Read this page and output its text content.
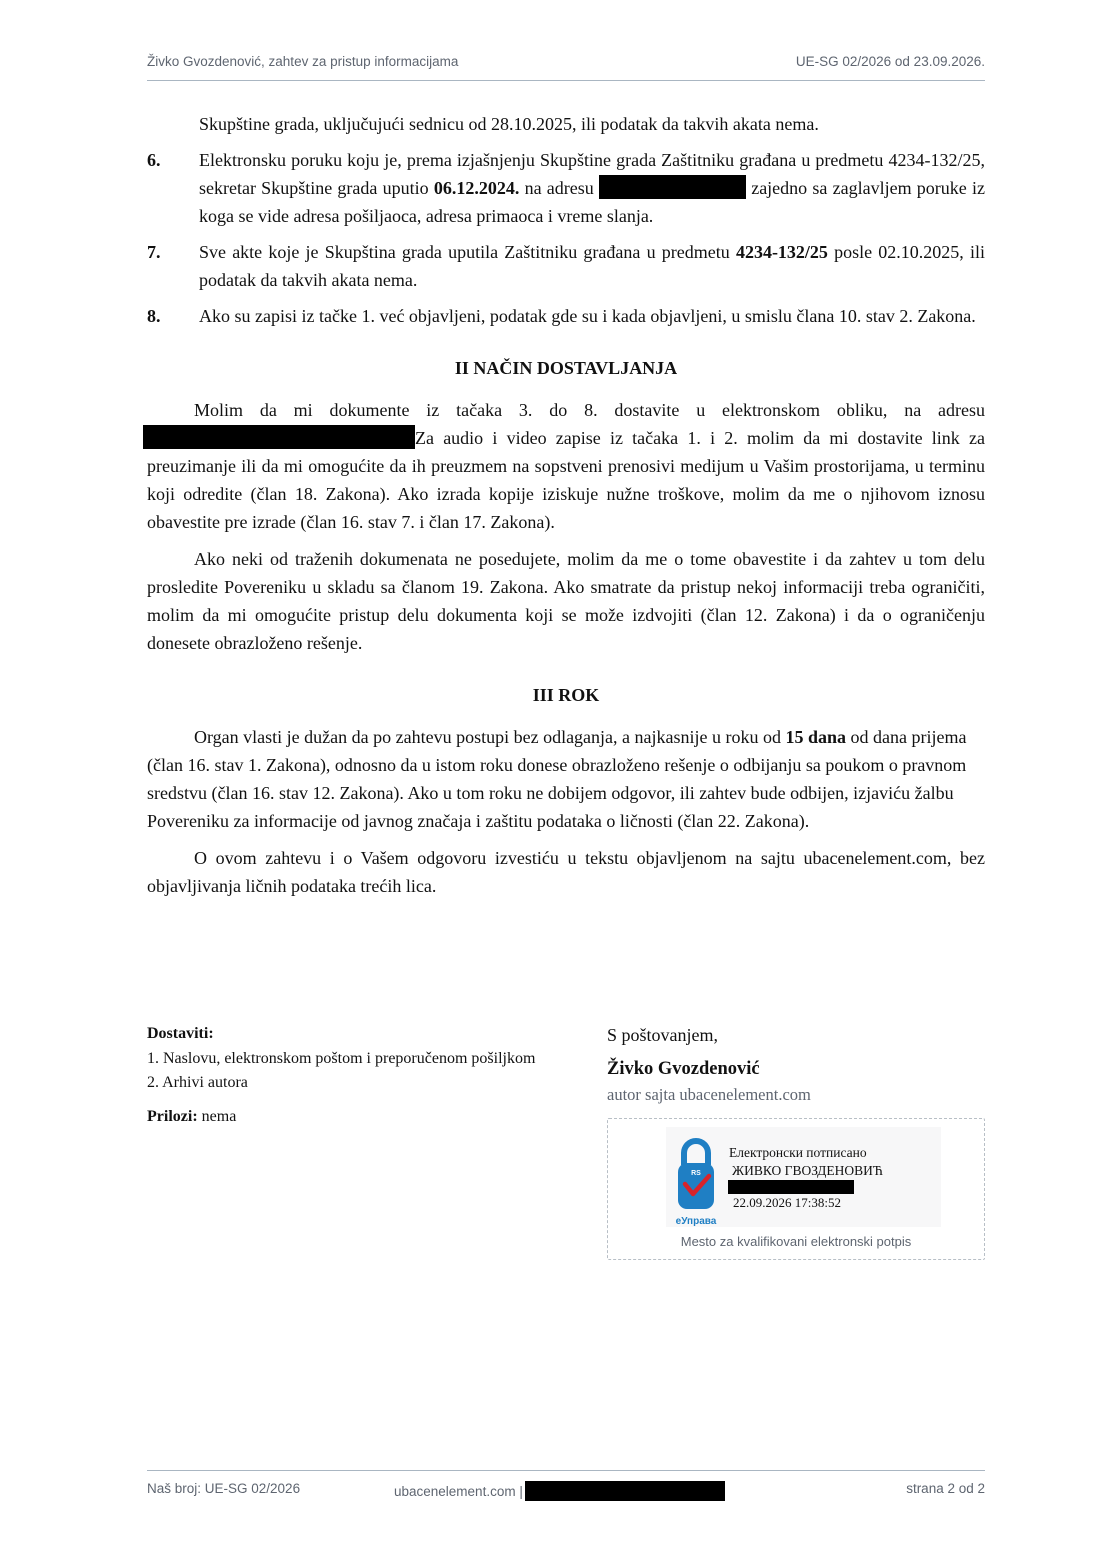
Živko Gvozdenović, zahtev za pristup informacijama	UE-SG 02/2026 od 23.09.2026.

Skupštine grada, uključujući sednicu od 28.10.2025, ili podatak da takvih akata nema.

6. Elektronsku poruku koju je, prema izjašnjenju Skupštine grada Zaštitniku građana u predmetu 4234-132/25, sekretar Skupštine grada uputio 06.12.2024. na adresu	zajedno sa zaglavljem poruke iz koga se vide adresa pošiljaoca, adresa primaoca i vreme slanja.

7. Sve akte koje je Skupština grada uputila Zaštitniku građana u predmetu 4234-132/25 posle 02.10.2025, ili podatak da takvih akata nema.

8. Ako su zapisi iz tačke 1. već objavljeni, podatak gde su i kada objavljeni, u smislu člana 10. stav 2. Zakona.

II NAČIN DOSTAVLJANJA

Molim da mi dokumente iz tačaka 3. do 8. dostavite u elektronskom obliku, na adresu Za audio i video zapise iz tačaka 1. i 2. molim da mi dostavite link za preuzimanje ili da mi omogućite da ih preuzmem na sopstveni prenosivi medijum u Vašim prostorijama, u terminu koji odredite (član 18. Zakona). Ako izrada kopije iziskuje nužne troškove, molim da me o njihovom iznosu obavestite pre izrade (član 16. stav 7. i član 17. Zakona).

Ako neki od traženih dokumenata ne posedujete, molim da me o tome obavestite i da zahtev u tom delu prosledite Povereniku u skladu sa članom 19. Zakona. Ako smatrate da pristup nekoj informaciji treba ograničiti, molim da mi omogućite pristup delu dokumenta koji se može izdvojiti (član 12. Zakona) i da o ograničenju donesete obrazloženo rešenje.

III ROK

Organ vlasti je dužan da po zahtevu postupi bez odlaganja, a najkasnije u roku od 15 dana od dana prijema (član 16. stav 1. Zakona), odnosno da u istom roku donese obrazloženo rešenje o odbijanju sa poukom o pravnom sredstvu (član 16. stav 12. Zakona). Ako u tom roku ne dobijem odgovor, ili zahtev bude odbijen, izjaviću žalbu Povereniku za informacije od javnog značaja i zaštitu podataka o ličnosti (član 22. Zakona).

O ovom zahtevu i o Vašem odgovoru izvestiću u tekstu objavljenom na sajtu ubacenelement.com, bez objavljivanja ličnih podataka trećih lica.

Dostaviti:
1. Naslovu, elektronskom poštom i preporučenom pošiljkom
2. Arhivi autora
Prilozi: nema
S poštovanjem,
Živko Gvozdenović
autor sajta ubacenelement.com
RS
еУправа
Електронски потписано
ЖИВКО ГВОЗДЕНОВИЋ
22.09.2026 17:38:52
Mesto za kvalifikovani elektronski potpis
Naš broj: UE-SG 02/2026	ubacenelement.com |	strana 2 od 2
